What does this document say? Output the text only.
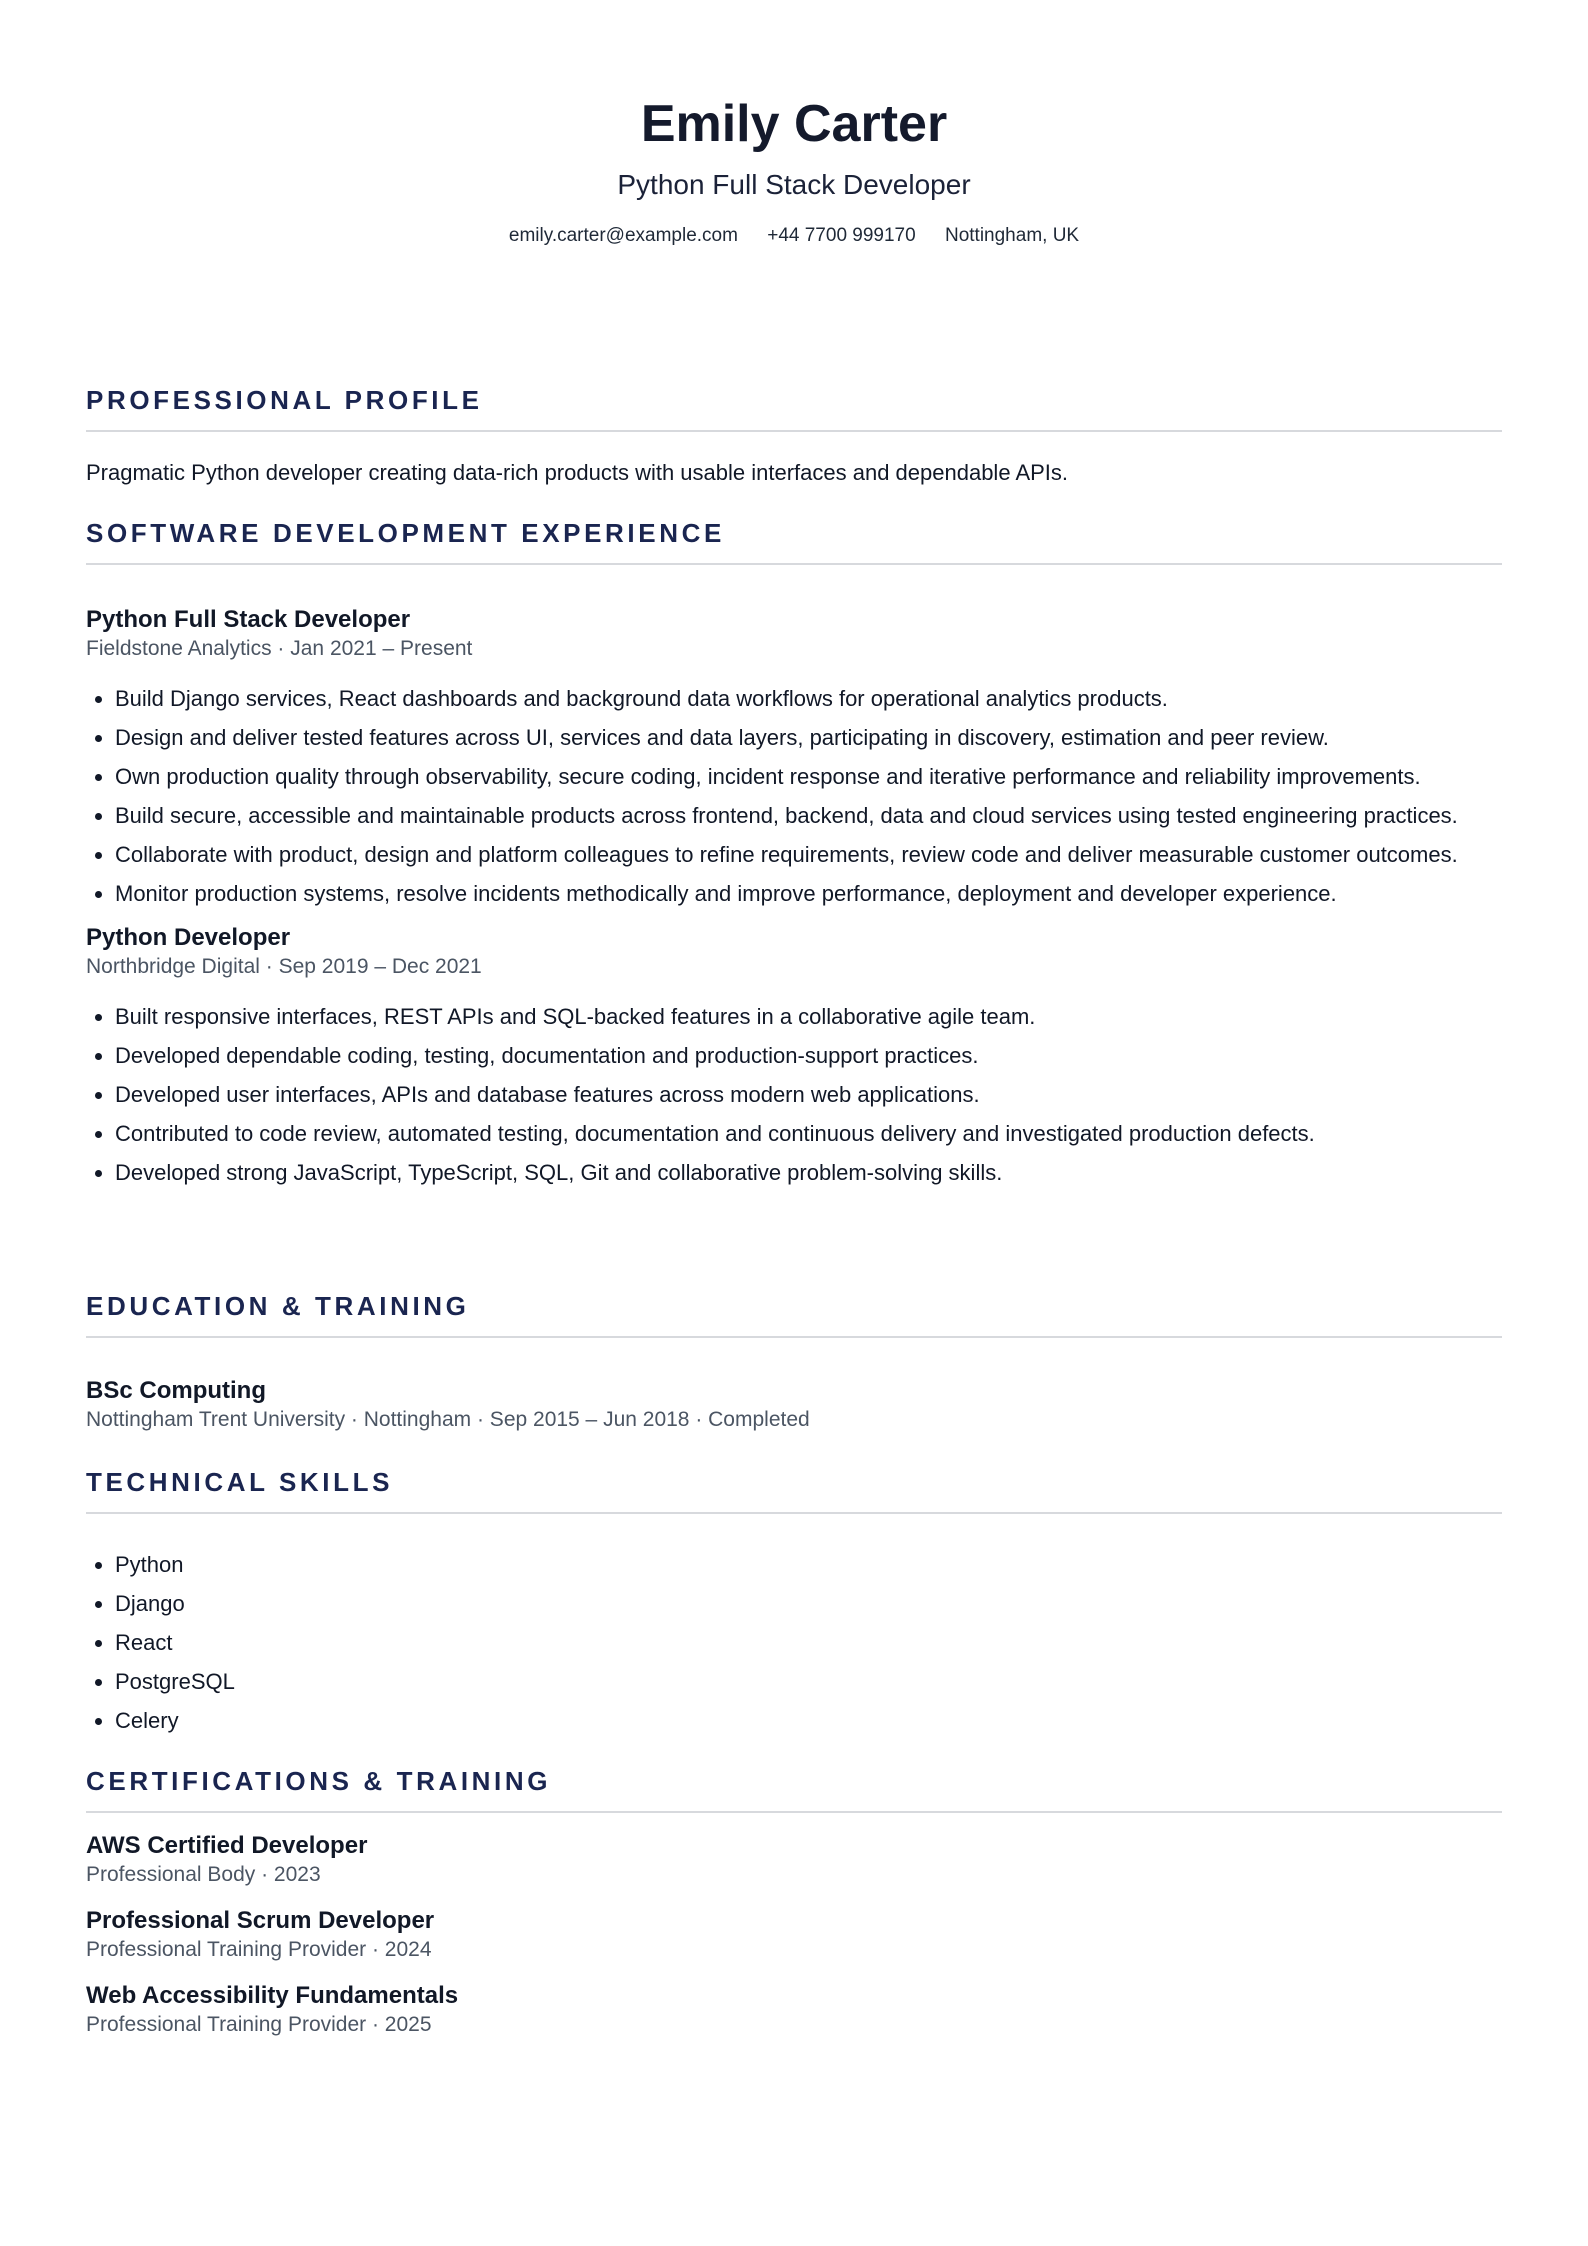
Emily Carter
Python Full Stack Developer
emily.carter@example.com +44 7700 999170 Nottingham, UK
PROFESSIONAL PROFILE

Pragmatic Python developer creating data-rich products with usable interfaces and dependable APIs.

SOFTWARE DEVELOPMENT EXPERIENCE
Python Full Stack Developer
Fieldstone Analytics · Jan 2021 – Present
• Build Django services, React dashboards and background data workflows for operational analytics products.
• Design and deliver tested features across UI, services and data layers, participating in discovery, estimation and peer review.
• Own production quality through observability, secure coding, incident response and iterative performance and reliability improvements.
• Build secure, accessible and maintainable products across frontend, backend, data and cloud services using tested engineering practices.
• Collaborate with product, design and platform colleagues to refine requirements, review code and deliver measurable customer outcomes.
• Monitor production systems, resolve incidents methodically and improve performance, deployment and developer experience.
Python Developer
Northbridge Digital · Sep 2019 – Dec 2021
• Built responsive interfaces, REST APIs and SQL-backed features in a collaborative agile team.
• Developed dependable coding, testing, documentation and production-support practices.
• Developed user interfaces, APIs and database features across modern web applications.
• Contributed to code review, automated testing, documentation and continuous delivery and investigated production defects.
• Developed strong JavaScript, TypeScript, SQL, Git and collaborative problem-solving skills.
EDUCATION & TRAINING
BSc Computing
Nottingham Trent University · Nottingham · Sep 2015 – Jun 2018 · Completed
TECHNICAL SKILLS
• Python
• Django
• React
• PostgreSQL
• Celery
CERTIFICATIONS & TRAINING
AWS Certified Developer
Professional Body · 2023
Professional Scrum Developer
Professional Training Provider · 2024
Web Accessibility Fundamentals
Professional Training Provider · 2025
